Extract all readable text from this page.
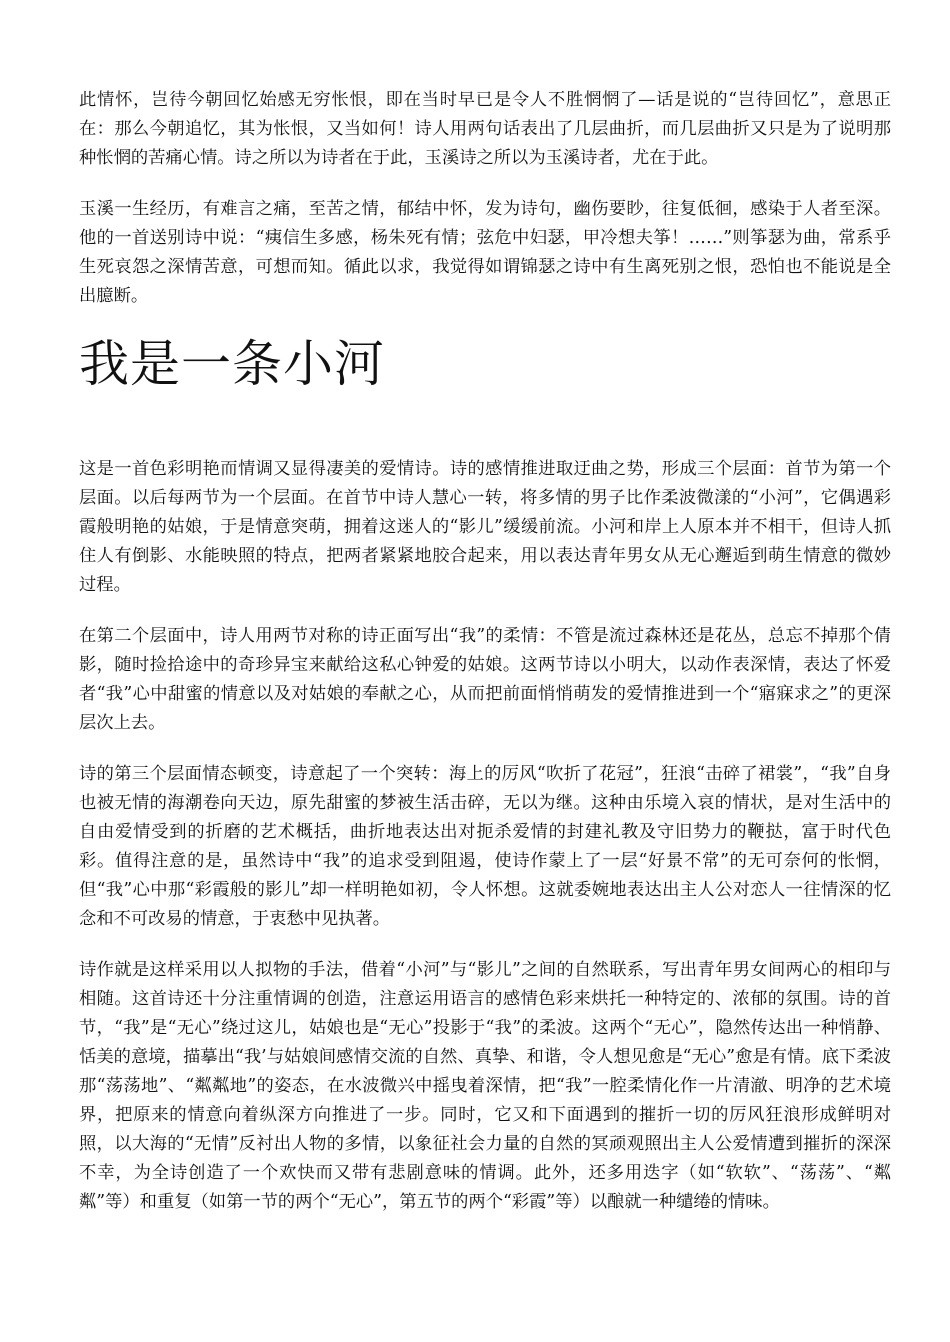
此情怀，岂待今朝回忆始感无穷怅恨，即在当时早已是令人不胜惘惘了—话是说的“岂待回忆”，意思正在：那么今朝追忆，其为怅恨，又当如何！诗人用两句话表出了几层曲折，而几层曲折又只是为了说明那种怅惘的苦痛心情。诗之所以为诗者在于此，玉溪诗之所以为玉溪诗者，尤在于此。

玉溪一生经历，有难言之痛，至苦之情，郁结中怀，发为诗句，幽伤要眇，往复低徊，感染于人者至深。他的一首送别诗中说：“痍信生多感，杨朱死有情；弦危中妇瑟，甲冷想夫筝！……”则筝瑟为曲，常系乎生死哀怨之深情苦意，可想而知。循此以求，我觉得如谓锦瑟之诗中有生离死别之恨，恐怕也不能说是全出臆断。

我是一条小河

这是一首色彩明艳而情调又显得凄美的爱情诗。诗的感情推进取迂曲之势，形成三个层面：首节为第一个层面。以后每两节为一个层面。在首节中诗人慧心一转，将多情的男子比作柔波微漾的“小河”，它偶遇彩霞般明艳的姑娘，于是情意突萌，拥着这迷人的“影儿”缓缓前流。小河和岸上人原本并不相干，但诗人抓住人有倒影、水能映照的特点，把两者紧紧地胶合起来，用以表达青年男女从无心邂逅到萌生情意的微妙过程。

在第二个层面中，诗人用两节对称的诗正面写出“我”的柔情：不管是流过森林还是花丛，总忘不掉那个倩影，随时捡拾途中的奇珍异宝来献给这私心钟爱的姑娘。这两节诗以小明大，以动作表深情，表达了怀爱者“我”心中甜蜜的情意以及对姑娘的奉献之心，从而把前面悄悄萌发的爱情推进到一个“寤寐求之”的更深层次上去。

诗的第三个层面情态顿变，诗意起了一个突转：海上的厉风“吹折了花冠”，狂浪“击碎了裙裳”，“我”自身也被无情的海潮卷向天边，原先甜蜜的梦被生活击碎，无以为继。这种由乐境入哀的情状，是对生活中的自由爱情受到的折磨的艺术概括，曲折地表达出对扼杀爱情的封建礼教及守旧势力的鞭挞，富于时代色彩。值得注意的是，虽然诗中“我”的追求受到阻遏，使诗作蒙上了一层“好景不常”的无可奈何的怅惘，但“我”心中那“彩霞般的影儿”却一样明艳如初，令人怀想。这就委婉地表达出主人公对恋人一往情深的忆念和不可改易的情意，于衷愁中见执著。

诗作就是这样采用以人拟物的手法，借着“小河”与“影儿”之间的自然联系，写出青年男女间两心的相印与相随。这首诗还十分注重情调的创造，注意运用语言的感情色彩来烘托一种特定的、浓郁的氛围。诗的首节，“我”是“无心”绕过这儿，姑娘也是“无心”投影于“我”的柔波。这两个“无心”，隐然传达出一种悄静、恬美的意境，描摹出“我’与姑娘间感情交流的自然、真挚、和谐，令人想见愈是“无心”愈是有情。底下柔波那“荡荡地”、“粼粼地”的姿态，在水波微兴中摇曳着深情，把“我”一腔柔情化作一片清澈、明净的艺术境界，把原来的情意向着纵深方向推进了一步。同时，它又和下面遇到的摧折一切的厉风狂浪形成鲜明对照，以大海的“无情”反衬出人物的多情，以象征社会力量的自然的冥顽观照出主人公爱情遭到摧折的深深不幸，为全诗创造了一个欢快而又带有悲剧意味的情调。此外，还多用迭字（如“软软”、“荡荡”、“粼粼”等）和重复（如第一节的两个“无心”，第五节的两个“彩霞”等）以酿就一种缱绻的情味。
